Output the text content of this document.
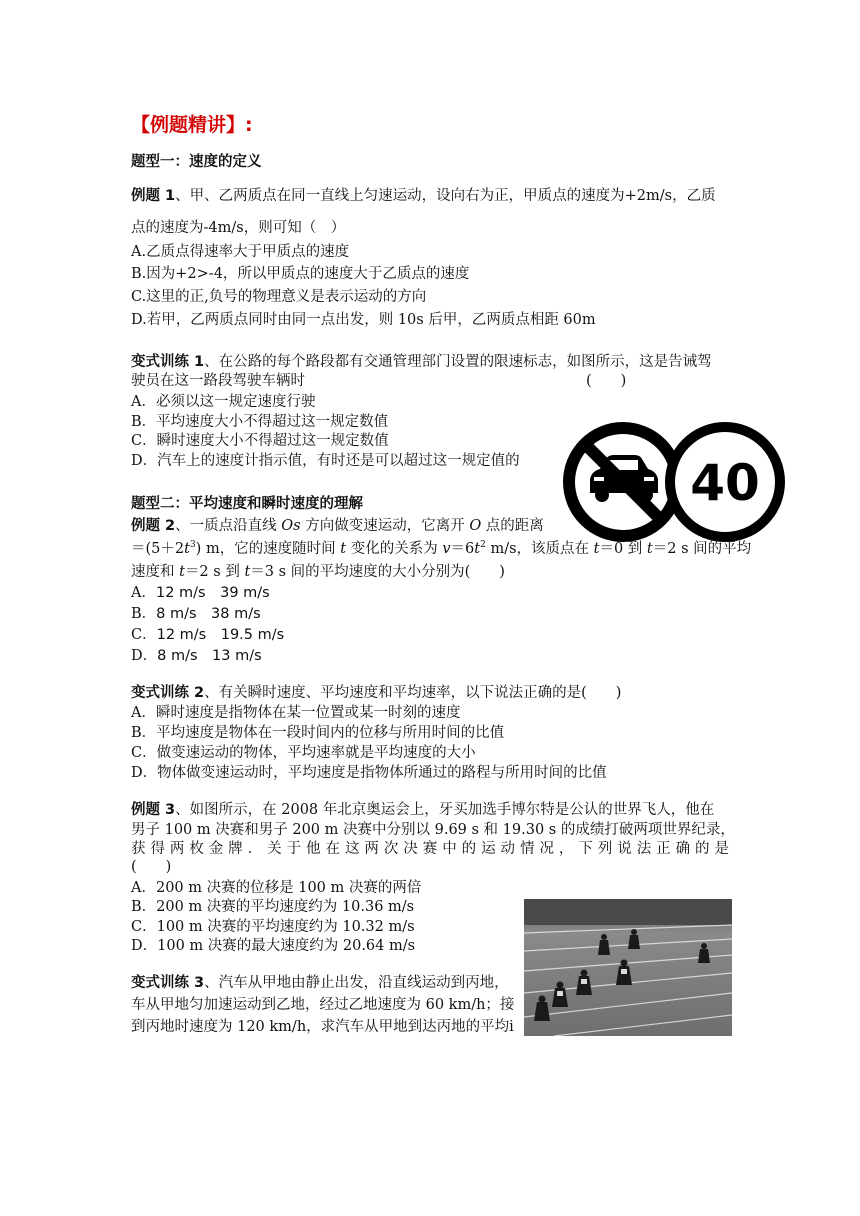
【例题精讲】:
题型一：速度的定义
例题 1、甲、乙两质点在同一直线上匀速运动，设向右为正，甲质点的速度为+2m/s，乙质
点的速度为-4m/s，则可知（　）
A.乙质点得速率大于甲质点的速度
B.因为+2>-4，所以甲质点的速度大于乙质点的速度
C.这里的正,负号的物理意义是表示运动的方向
D.若甲，乙两质点同时由同一点出发，则 10s 后甲，乙两质点相距 60m
变式训练 1、在公路的每个路段都有交通管理部门设置的限速标志，如图所示，这是告诫驾
驶员在这一路段驾驶车辆时	(　　)
A．必须以这一规定速度行驶
B．平均速度大小不得超过这一规定数值
C．瞬时速度大小不得超过这一规定数值
D．汽车上的速度计指示值，有时还是可以超过这一规定值的	40
题型二：平均速度和瞬时速度的理解
例题 2、一质点沿直线 Os 方向做变速运动，它离开 O 点的距离
$=(5+2t^3)$ m，它的速度随时间 t 变化的关系为 $v=6t^2$ m/s，该质点在 t＝0 到 t＝2 s 间的平均
速度和 t＝2 s 到 t＝3 s 间的平均速度的大小分别为(　　)
A．12 m/s　39 m/s
B．8 m/s　38 m/s
C．12 m/s　19.5 m/s
D．8 m/s　13 m/s
变式训练 2、有关瞬时速度、平均速度和平均速率，以下说法正确的是(　　)
A．瞬时速度是指物体在某一位置或某一时刻的速度
B．平均速度是物体在一段时间内的位移与所用时间的比值
C．做变速运动的物体，平均速率就是平均速度的大小
D．物体做变速运动时，平均速度是指物体所通过的路程与所用时间的比值
例题 3、如图所示，在 2008 年北京奥运会上，牙买加选手博尔特是公认的世界飞人，他在
男子 100 m 决赛和男子 200 m 决赛中分别以 9.69 s 和 19.30 s 的成绩打破两项世界纪录，
获得两枚金牌．关于他在这两次决赛中的运动情况，下列说法正确的是
(　　)
A．200 m 决赛的位移是 100 m 决赛的两倍
B．200 m 决赛的平均速度约为 10.36 m/s
C．100 m 决赛的平均速度约为 10.32 m/s
D．100 m 决赛的最大速度约为 20.64 m/s
变式训练 3、汽车从甲地由静止出发，沿直线运动到丙地，
车从甲地匀加速运动到乙地，经过乙地速度为 60 km/h；接
到丙地时速度为 120 km/h，求汽车从甲地到达丙地的平均i
